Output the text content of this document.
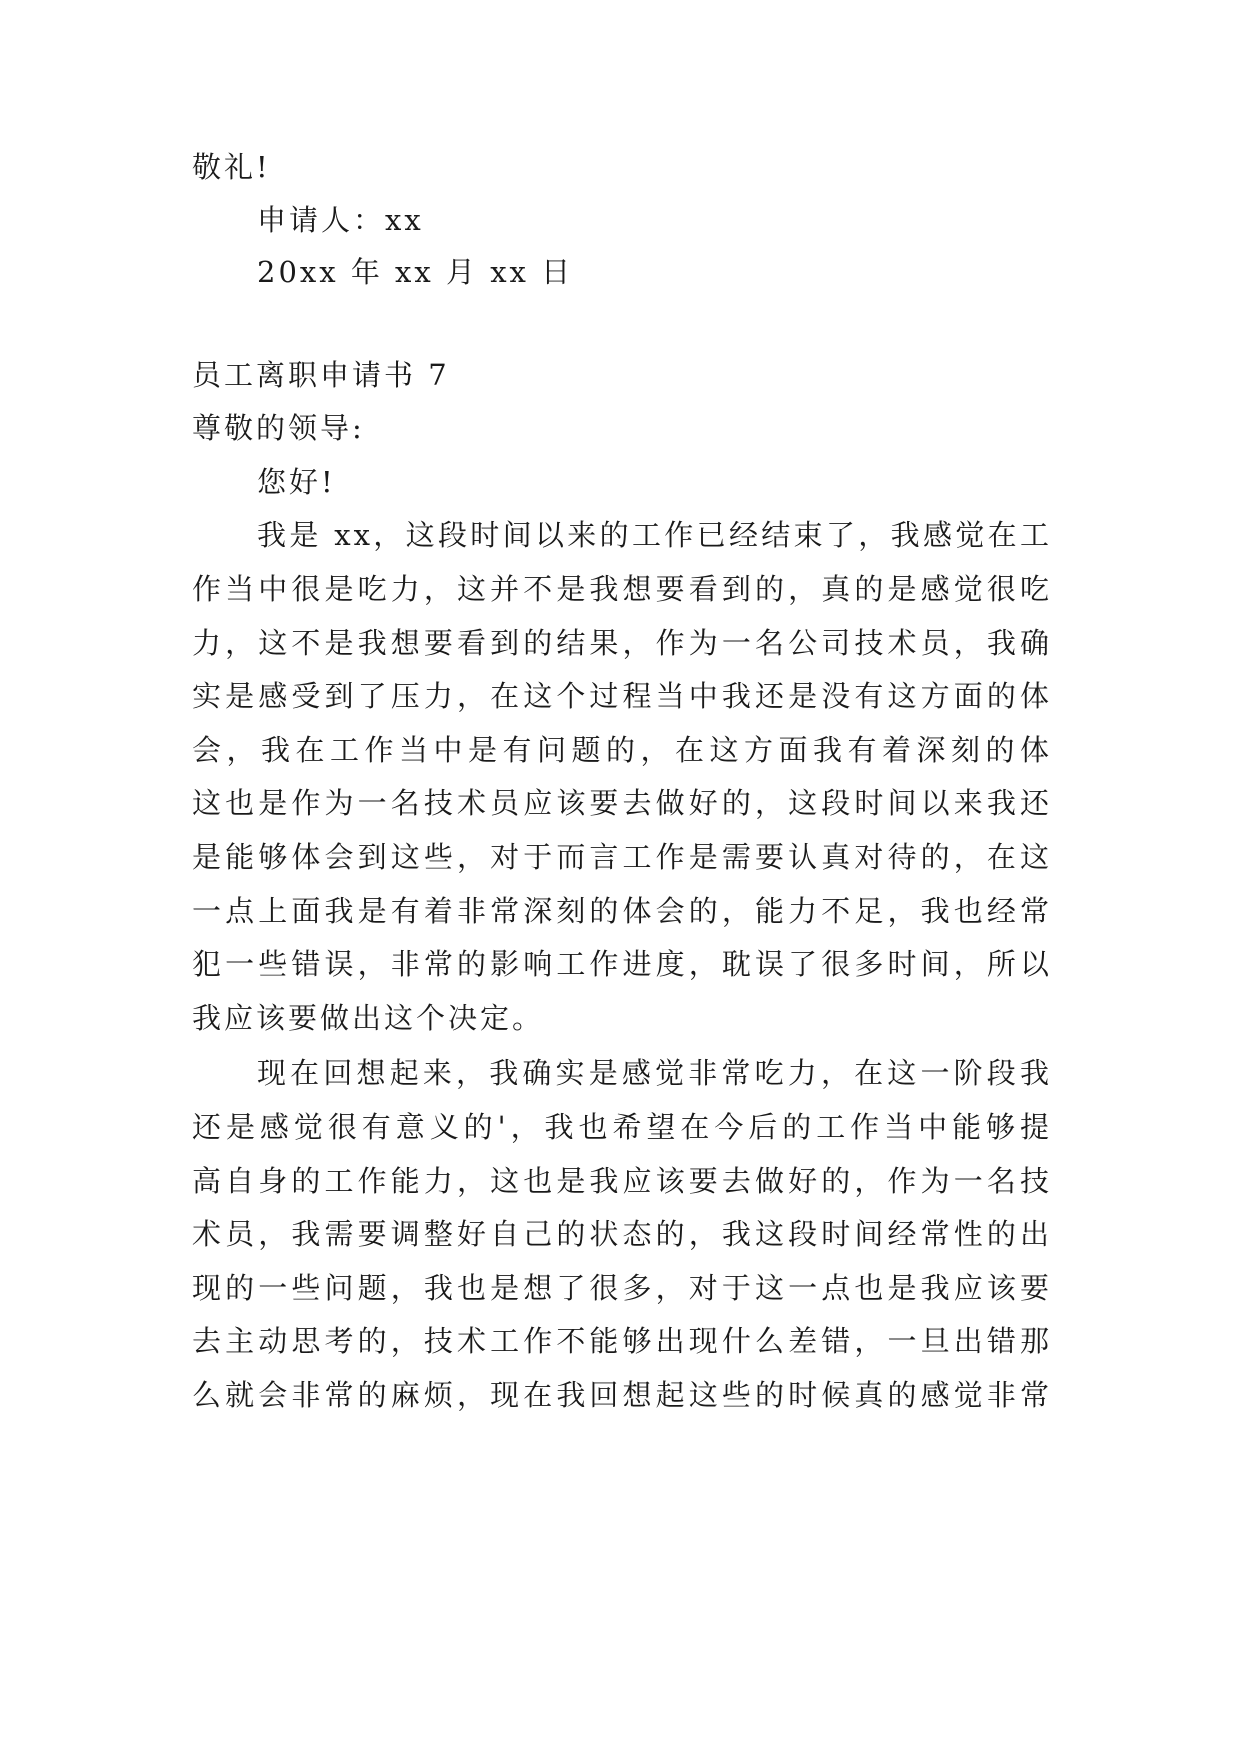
敬礼!
申请人：xx
20xx 年 xx 月 xx 日
员工离职申请书 7
尊敬的领导:
您好!
我是 xx，这段时间以来的工作已经结束了，我感觉在工
作当中很是吃力，这并不是我想要看到的，真的是感觉很吃
力，这不是我想要看到的结果，作为一名公司技术员，我确
实是感受到了压力，在这个过程当中我还是没有这方面的体
会，我在工作当中是有问题的，在这方面我有着深刻的体
这也是作为一名技术员应该要去做好的，这段时间以来我还
是能够体会到这些，对于而言工作是需要认真对待的，在这
一点上面我是有着非常深刻的体会的，能力不足，我也经常
犯一些错误，非常的影响工作进度，耽误了很多时间，所以
我应该要做出这个决定。
现在回想起来，我确实是感觉非常吃力，在这一阶段我
还是感觉很有意义的'，我也希望在今后的工作当中能够提
高自身的工作能力，这也是我应该要去做好的，作为一名技
术员，我需要调整好自己的状态的，我这段时间经常性的出
现的一些问题，我也是想了很多，对于这一点也是我应该要
去主动思考的，技术工作不能够出现什么差错，一旦出错那
么就会非常的麻烦，现在我回想起这些的时候真的感觉非常
